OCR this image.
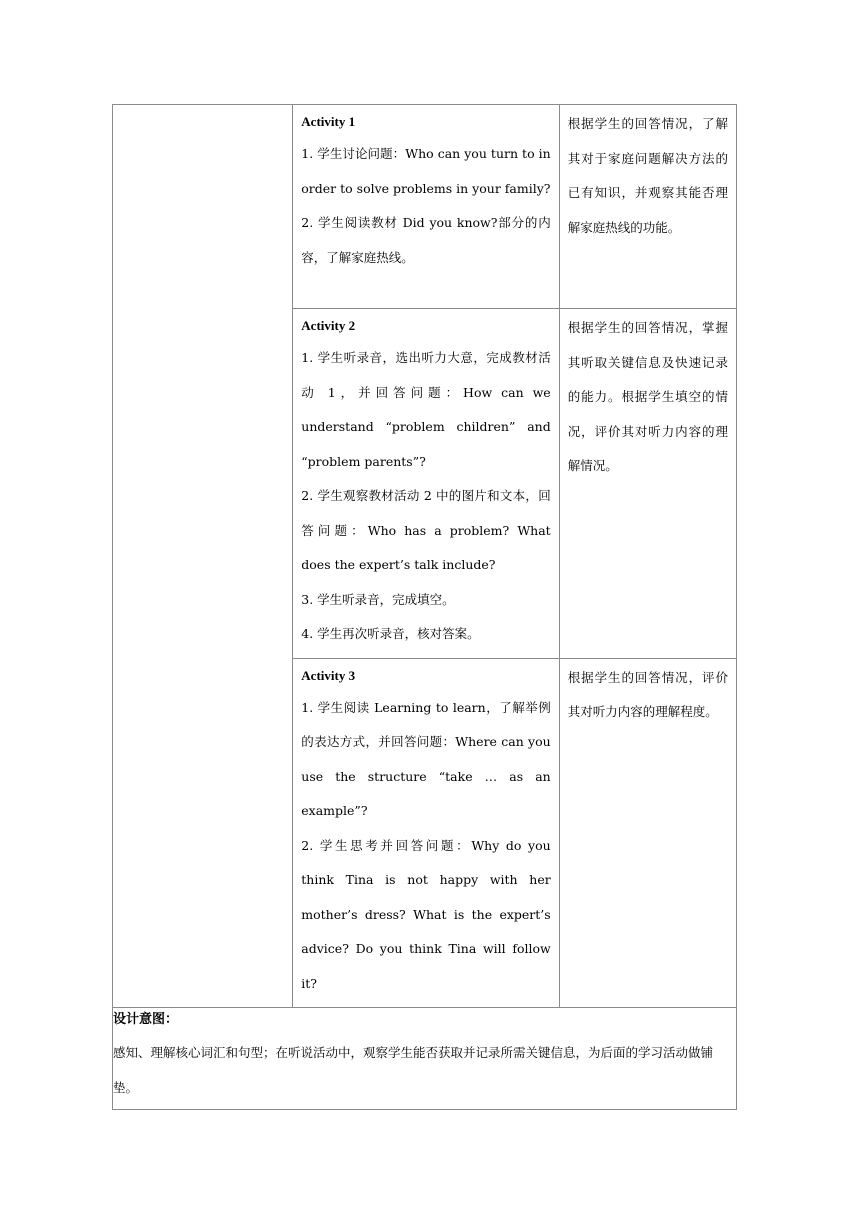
	Activity 1

1. 学生讨论问题：Who can you turn to in order to solve problems in your family?

2. 学生阅读教材 Did you know?部分的内容，了解家庭热线。	根据学生的回答情况，了解其对于家庭问题解决方法的已有知识，并观察其能否理解家庭热线的功能。

	Activity 2

1. 学生听录音，选出听力大意，完成教材活动 1，并回答问题：How can we understand “problem children” and “problem parents”?

2. 学生观察教材活动 2 中的图片和文本，回答问题：Who has a problem? What does the expert’s talk include?

3. 学生听录音，完成填空。

4. 学生再次听录音，核对答案。	根据学生的回答情况，掌握其听取关键信息及快速记录的能力。根据学生填空的情况，评价其对听力内容的理解情况。

	Activity 3

1. 学生阅读 Learning to learn，了解举例的表达方式，并回答问题：Where can you use the structure “take … as an example”?

2. 学生思考并回答问题：Why do you think Tina is not happy with her mother’s dress? What is the expert’s advice? Do you think Tina will follow it?	根据学生的回答情况，评价其对听力内容的理解程度。

设计意图：

感知、理解核心词汇和句型；在听说活动中，观察学生能否获取并记录所需关键信息，为后面的学习活动做铺垫。		
